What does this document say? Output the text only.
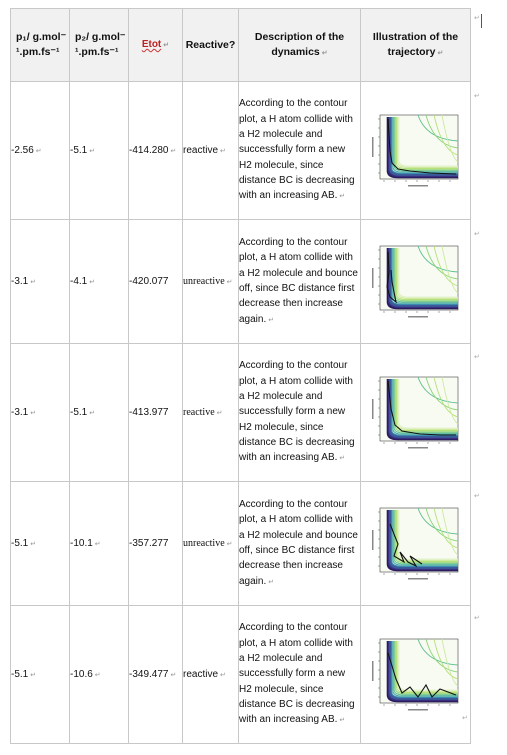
p₁/ g.mol⁻
¹.pm.fs⁻¹	p₂/ g.mol⁻
¹.pm.fs⁻¹	Etot ↵	Reactive?	Description of the dynamics ↵	Illustration of the trajectory ↵
-2.56 ↵	-5.1 ↵	-414.280 ↵	reactive ↵	According to the contour plot, a H atom collide with a H2 molecule and successfully form a new H2 molecule, since distance BC is decreasing with an increasing AB. ↵	

-3.1 ↵	-4.1 ↵	-420.077	unreactive ↵	According to the contour plot, a H atom collide with a H2 molecule and bounce off, since BC distance first decrease then increase again. ↵	

-3.1 ↵	-5.1 ↵	-413.977	reactive ↵	According to the contour plot, a H atom collide with a H2 molecule and successfully form a new H2 molecule, since distance BC is decreasing with an increasing AB. ↵	

-5.1 ↵	-10.1 ↵	-357.277	unreactive ↵	According to the contour plot, a H atom collide with a H2 molecule and bounce off, since BC distance first decrease then increase again. ↵	

-5.1 ↵	-10.6 ↵	-349.477 ↵	reactive ↵	According to the contour plot, a H atom collide with a H2 molecule and successfully form a new H2 molecule, since distance BC is decreasing with an increasing AB. ↵	
↵
↵
↵
↵
↵
↵
↵
